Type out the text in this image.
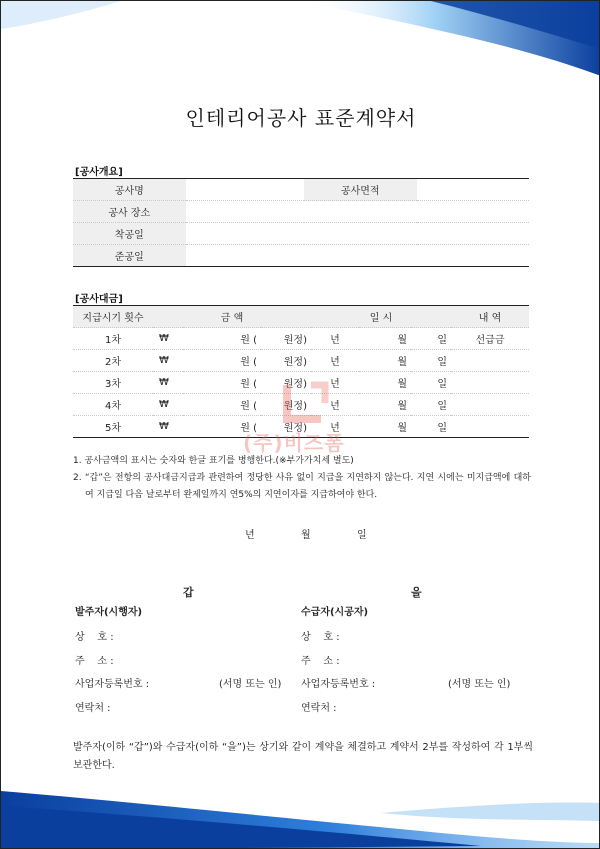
인테리어공사 표준계약서
[공사개요]
공사명		공사면적	
공사 장소			
착공일			
준공일			
[공사대금]
지급시기 횟수	금 액			일 시			내 역
1차	₩	원 (	원정)	년	월	일	선급금
2차	₩	원 (	원정)	년	월	일	
3차	₩	원 (	원정)	년	월	일	
4차	₩	원 (	원정)	년	월	일	
5차	₩	원 (	원정)	년	월	일	
(주)비즈폼
1. 공사금액의 표시는 숫자와 한글 표기를 병행한다.(※부가가치세 별도)
2. “갑”은 전항의 공사대금지급과 관련하여 정당한 사유 없이 지급을 지연하지 않는다. 지연 시에는 미지급액에 대하여 지급일 다음 날로부터 완제일까지 연5%의 지연이자를 지급하여야 한다.
년	월	일
갑
발주자(시행자)
상    호 :
주    소 :
사업자등록번호 :	(서명 또는 인)
연락처 :
을
수급자(시공자)
상    호 :
주    소 :
사업자등록번호 :	(서명 또는 인)
연락처 :
발주자(이하 “갑”)와 수급자(이하 “을”)는 상기와 같이 계약을 체결하고 계약서 2부를 작성하여 각 1부씩 보관한다.
